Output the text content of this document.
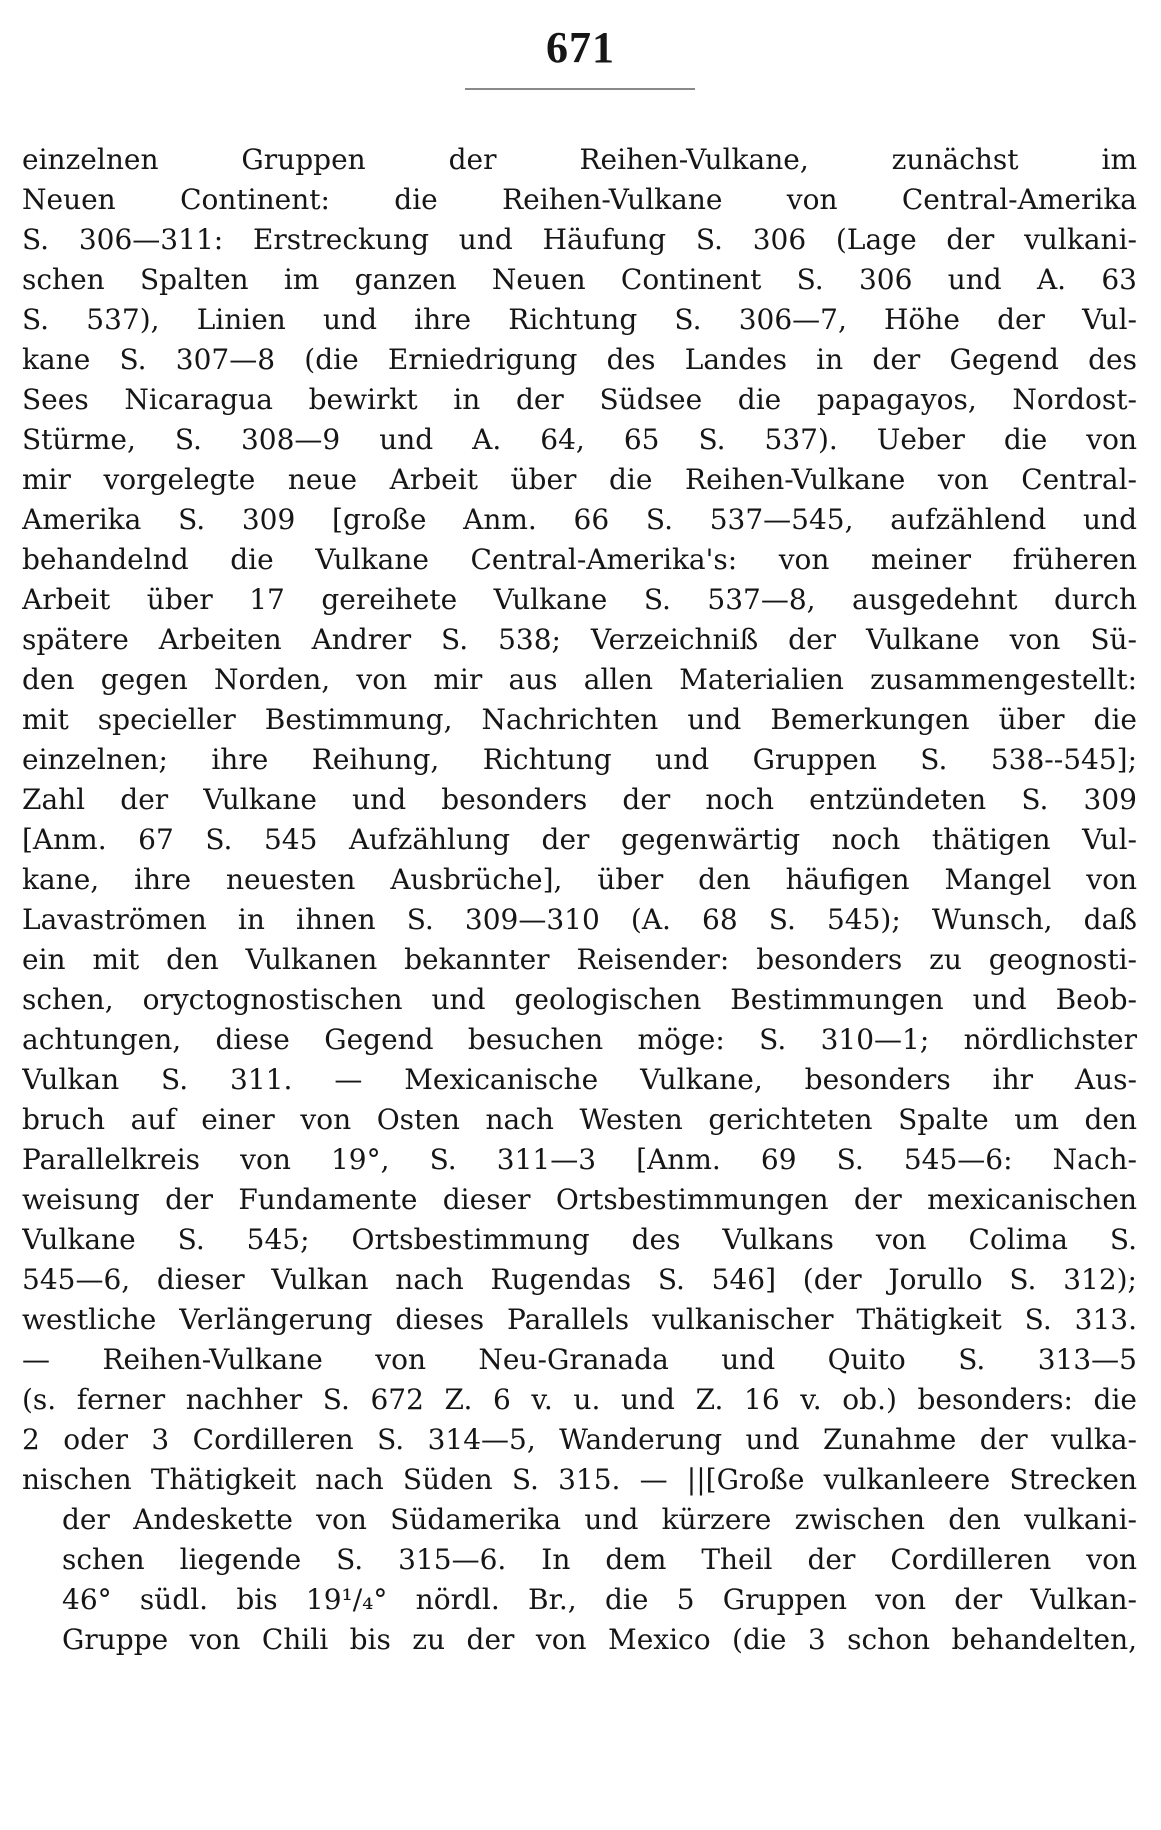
671
einzelnen Gruppen der Reihen-Vulkane, zunächst im
Neuen Continent: die Reihen-Vulkane von Central-Amerika
S. 306—311: Erstreckung und Häufung S. 306 (Lage der vulkani-
schen Spalten im ganzen Neuen Continent S. 306 und A. 63
S. 537), Linien und ihre Richtung S. 306—7, Höhe der Vul-
kane S. 307—8 (die Erniedrigung des Landes in der Gegend des
Sees Nicaragua bewirkt in der Südsee die papagayos, Nordost-
Stürme, S. 308—9 und A. 64, 65 S. 537). Ueber die von
mir vorgelegte neue Arbeit über die Reihen-Vulkane von Central-
Amerika S. 309 [große Anm. 66 S. 537—545, aufzählend und
behandelnd die Vulkane Central-Amerika's: von meiner früheren
Arbeit über 17 gereihete Vulkane S. 537—8, ausgedehnt durch
spätere Arbeiten Andrer S. 538; Verzeichniß der Vulkane von Sü-
den gegen Norden, von mir aus allen Materialien zusammengestellt:
mit specieller Bestimmung, Nachrichten und Bemerkungen über die
einzelnen; ihre Reihung, Richtung und Gruppen S. 538--545];
Zahl der Vulkane und besonders der noch entzündeten S. 309
[Anm. 67 S. 545 Aufzählung der gegenwärtig noch thätigen Vul-
kane, ihre neuesten Ausbrüche], über den häufigen Mangel von
Lavaströmen in ihnen S. 309—310 (A. 68 S. 545); Wunsch, daß
ein mit den Vulkanen bekannter Reisender: besonders zu geognosti-
schen, oryctognostischen und geologischen Bestimmungen und Beob-
achtungen, diese Gegend besuchen möge: S. 310—1; nördlichster
Vulkan S. 311. — Mexicanische Vulkane, besonders ihr Aus-
bruch auf einer von Osten nach Westen gerichteten Spalte um den
Parallelkreis von 19°, S. 311—3 [Anm. 69 S. 545—6: Nach-
weisung der Fundamente dieser Ortsbestimmungen der mexicanischen
Vulkane S. 545; Ortsbestimmung des Vulkans von Colima S.
545—6, dieser Vulkan nach Rugendas S. 546] (der Jorullo S. 312);
westliche Verlängerung dieses Parallels vulkanischer Thätigkeit S. 313.
— Reihen-Vulkane von Neu-Granada und Quito S. 313—5
(s. ferner nachher S. 672 Z. 6 v. u. und Z. 16 v. ob.) besonders: die
2 oder 3 Cordilleren S. 314—5, Wanderung und Zunahme der vulka-
nischen Thätigkeit nach Süden S. 315. — ||[Große vulkanleere Strecken
der Andeskette von Südamerika und kürzere zwischen den vulkani-
schen liegende S. 315—6. In dem Theil der Cordilleren von
46° südl. bis 19¹/₄° nördl. Br., die 5 Gruppen von der Vulkan-
Gruppe von Chili bis zu der von Mexico (die 3 schon behandelten,
